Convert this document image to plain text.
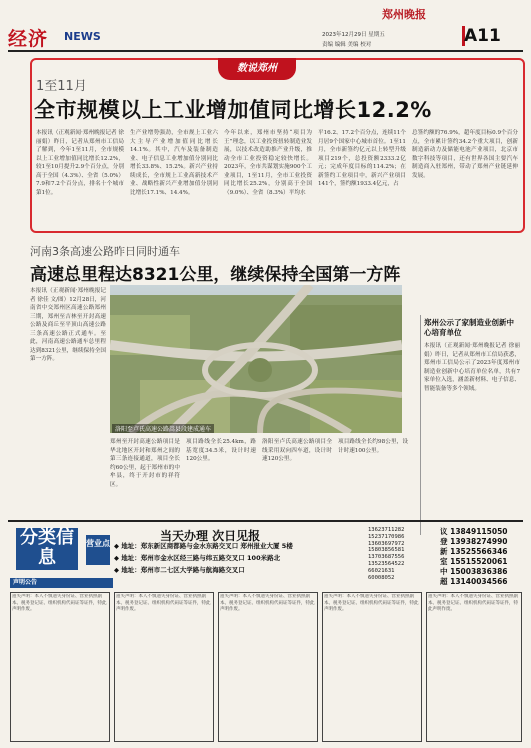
经济 NEWS
郑州晚报
2023年12月29日 星期五
责编 编辑 美编 校对	A11
数说郑州
1至11月
全市规模以上工业增加值同比增长12.2%
本报讯（正观新闻·郑州晚报记者 徐丽娟）昨日，记者从郑州市工信局了解到，今年1至11月，全市规模以上工业增加值同比增长12.2%，较1至10月提升2.9个百分点，分别高于全国（4.3%）、全省（5.0%）7.9和7.2个百分点，排名十个城市第1位。
生产业增势强劲，全市规上工业六大主导产业增加值同比增长14.1%。其中，汽车及装备制造业、电子信息工业增加值分别同比增长33.8%、15.2%。新兴产业持续成长，全市规上工业高新技术产业、战略性新兴产业增加值分别同比增长17.1%、14.4%。
今年以来，郑州市坚持“项目为王”理念，以工业投资扭转制造业发展，以技术改造助推产业升级，推动全市工业投资稳定较快增长。2023年，全市共谋划实施900个工业项目，1至11月，全市工业投资同比增长25.2%，分别高于全国（9.0%）、全省（8.3%）平均水
平16.2、17.2个百分点，连续11个月居9个国家中心城市首位。1至11月，全市新签约亿元以上转型升级项目219个，总投资额2333.2亿元；完成年度目标的114.2%；在新签约工业项目中，新兴产业项目141个，签约额1933.4亿元，占
总签约额的76.9%，超年度目标0.9个百分点，全市累计签约34.2个重大项目，创新制造新动力及储能电池产业项目，北京市数字科技等项目，还有世界各国主要汽车制造商入驻郑州，带动了郑州产业链延伸发展。
河南3条高速公路昨日同时通车
高速总里程达8321公里，继续保持全国第一方阵
本报讯（正观新闻·郑州晚报记者 徐佳 文/图）12月28日，河南省中交郑州区高速公路郑州三期，郑州至吉林至开封高速公路及商丘至平顶山高速公路三条高速公路正式通车。至此，河南高速公路通车总里程达到8321公里，继续保持全国第一方阵。
洛阳至卢氏高速公路嵩县段建成通车
郑州至开封高速公路项目是华北地区开封和郑州之间的第三条连接通道，项目全长约60公里，起于郑州市的中牟县，终于开封市的祥符区。
项目路线全长25.4km，路基宽度34.5米，设计时速120公里。
洛阳至卢氏高速公路项目全线采用双向四车道，设计时速120公里。
项目路线全长约98公里，设计时速100公里。
郑州公示了家制造业创新中心培育单位
本报讯（正观新闻·郑州晚报记者 徐丽娟）昨日，记者从郑州市工信局获悉，郑州市工信局公示了2023年度郑州市制造业创新中心培育单位名单，共有7家单位入选，涵盖新材料、电子信息、智能装备等多个领域。
分类信息
当天办理 次日见报
营业点 ◆ 地址：郑东新区商都路与金水东路交叉口 郑州报业大厦 5楼
◆ 地址：郑州市金水区经三路与纬五路交叉口 100米路北
◆ 地址：郑州市二七区大学路与航海路交叉口
13623711282
15237170986
13603697972
15803856581
13703687556
13523564522
66021631
60008052
议 13849115050
登 13938274990
新 13525566346
室 15515520061
中 15003836386
超 13140034566
声明公告
遗失声明：本人不慎遗失身份证、营业执照副本、税务登记证、组织机构代码证等证件，特此声明作废。
遗失声明：本人不慎遗失身份证、营业执照副本、税务登记证、组织机构代码证等证件，特此声明作废。
遗失声明：本人不慎遗失身份证、营业执照副本、税务登记证、组织机构代码证等证件，特此声明作废。
遗失声明：本人不慎遗失身份证、营业执照副本、税务登记证、组织机构代码证等证件，特此声明作废。
遗失声明：本人不慎遗失身份证、营业执照副本、税务登记证、组织机构代码证等证件，特此声明作废。
